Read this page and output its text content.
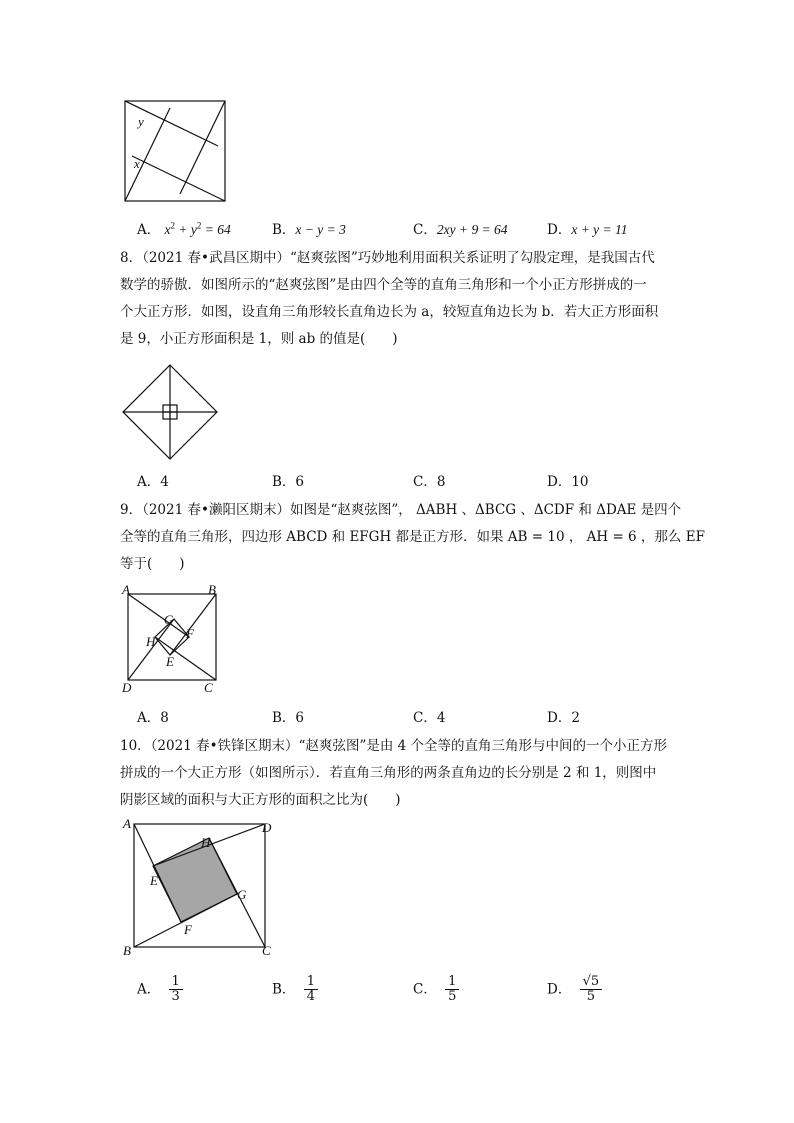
y
x
A． $x^2 + y^2 = 64$	B．x − y = 3	C．2xy + 9 = 64	D．x + y = 11
8．（2021 春•武昌区期中）“赵爽弦图”巧妙地利用面积关系证明了勾股定理，是我国古代
数学的骄傲．如图所示的“赵爽弦图”是由四个全等的直角三角形和一个小正方形拼成的一
个大正方形．如图，设直角三角形较长直角边长为 a，较短直角边长为 b．若大正方形面积
是 9，小正方形面积是 1，则 ab 的值是(　　)
A．4	B．6	C．8	D．10
9．（2021 春•濑阳区期末）如图是“赵爽弦图”， ΔABH 、ΔBCG 、ΔCDF 和 ΔDAE 是四个
全等的直角三角形，四边形 ABCD 和 EFGH 都是正方形．如果 AB = 10 ， AH = 6 ，那么 EF
等于(　　)
A	B
C
D
G
F
H
E
A．8	B．6	C．4	D．2
10．（2021 春•铁锋区期末）“赵爽弦图”是由 4 个全等的直角三角形与中间的一个小正方形
拼成的一个大正方形（如图所示）．若直角三角形的两条直角边的长分别是 2 和 1，则图中
阴影区域的面积与大正方形的面积之比为(　　)
A	D
C
B
H
G
F
E
A． $\frac{1}{3}$	B． $\frac{1}{4}$	C． $\frac{1}{5}$	D． $\frac{√5}{5}$
